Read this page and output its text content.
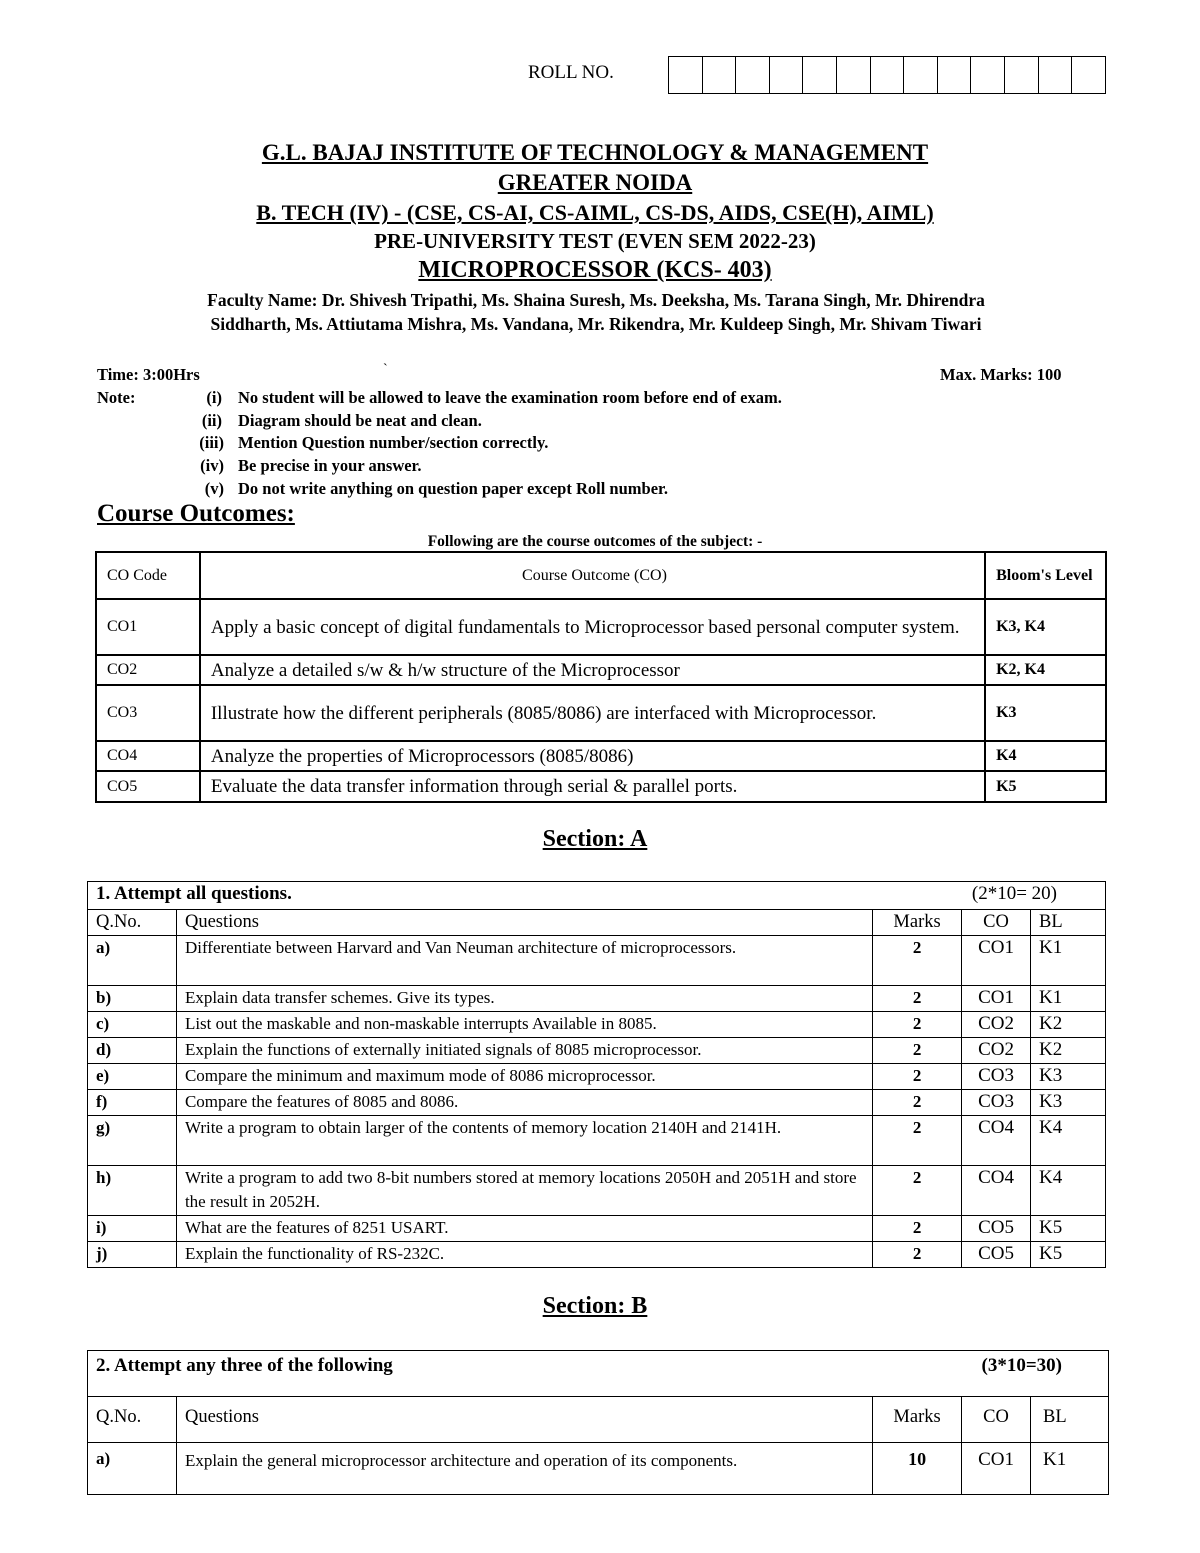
ROLL NO.
G.L. BAJAJ INSTITUTE OF TECHNOLOGY & MANAGEMENT
GREATER NOIDA
B. TECH (IV) - (CSE, CS-AI, CS-AIML, CS-DS, AIDS, CSE(H), AIML)
PRE-UNIVERSITY TEST (EVEN SEM 2022-23)
MICROPROCESSOR (KCS- 403)
Faculty Name: Dr. Shivesh Tripathi, Ms. Shaina Suresh, Ms. Deeksha, Ms. Tarana Singh, Mr. Dhirendra
Siddharth, Ms. Attiutama Mishra, Ms. Vandana, Mr. Rikendra, Mr. Kuldeep Singh, Mr. Shivam Tiwari
Time: 3:00Hrs	`	Max. Marks: 100
Note:	(i) No student will be allowed to leave the examination room before end of exam.
(ii) Diagram should be neat and clean.
(iii) Mention Question number/section correctly.
(iv) Be precise in your answer.
(v) Do not write anything on question paper except Roll number.
Course Outcomes:
Following are the course outcomes of the subject: -
CO Code	Course Outcome (CO)	Bloom's Level
CO1	Apply a basic concept of digital fundamentals to Microprocessor based personal computer system.	K3, K4
CO2	Analyze a detailed s/w & h/w structure of the Microprocessor	K2, K4
CO3	Illustrate how the different peripherals (8085/8086) are interfaced with Microprocessor.	K3
CO4	Analyze the properties of Microprocessors (8085/8086)	K4
CO5	Evaluate the data transfer information through serial & parallel ports.	K5
Section: A
1. Attempt all questions. (2*10= 20)				

Q.No.	Questions	Marks	CO	BL
a)	Differentiate between Harvard and Van Neuman architecture of microprocessors.	2	CO1	K1
b)	Explain data transfer schemes. Give its types.	2	CO1	K1
c)	List out the maskable and non-maskable interrupts Available in 8085.	2	CO2	K2
d)	Explain the functions of externally initiated signals of 8085 microprocessor.	2	CO2	K2
e)	Compare the minimum and maximum mode of 8086 microprocessor.	2	CO3	K3
f)	Compare the features of 8085 and 8086.	2	CO3	K3
g)	Write a program to obtain larger of the contents of memory location 2140H and 2141H.	2	CO4	K4
h)	Write a program to add two 8-bit numbers stored at memory locations 2050H and 2051H and store the result in 2052H.	2	CO4	K4
i)	What are the features of 8251 USART.	2	CO5	K5
j)	Explain the functionality of RS-232C.	2	CO5	K5
Section: B
2. Attempt any three of the following (3*10=30)				

Q.No.	Questions	Marks	CO	BL
a)	Explain the general microprocessor architecture and operation of its components.	10	CO1	K1
